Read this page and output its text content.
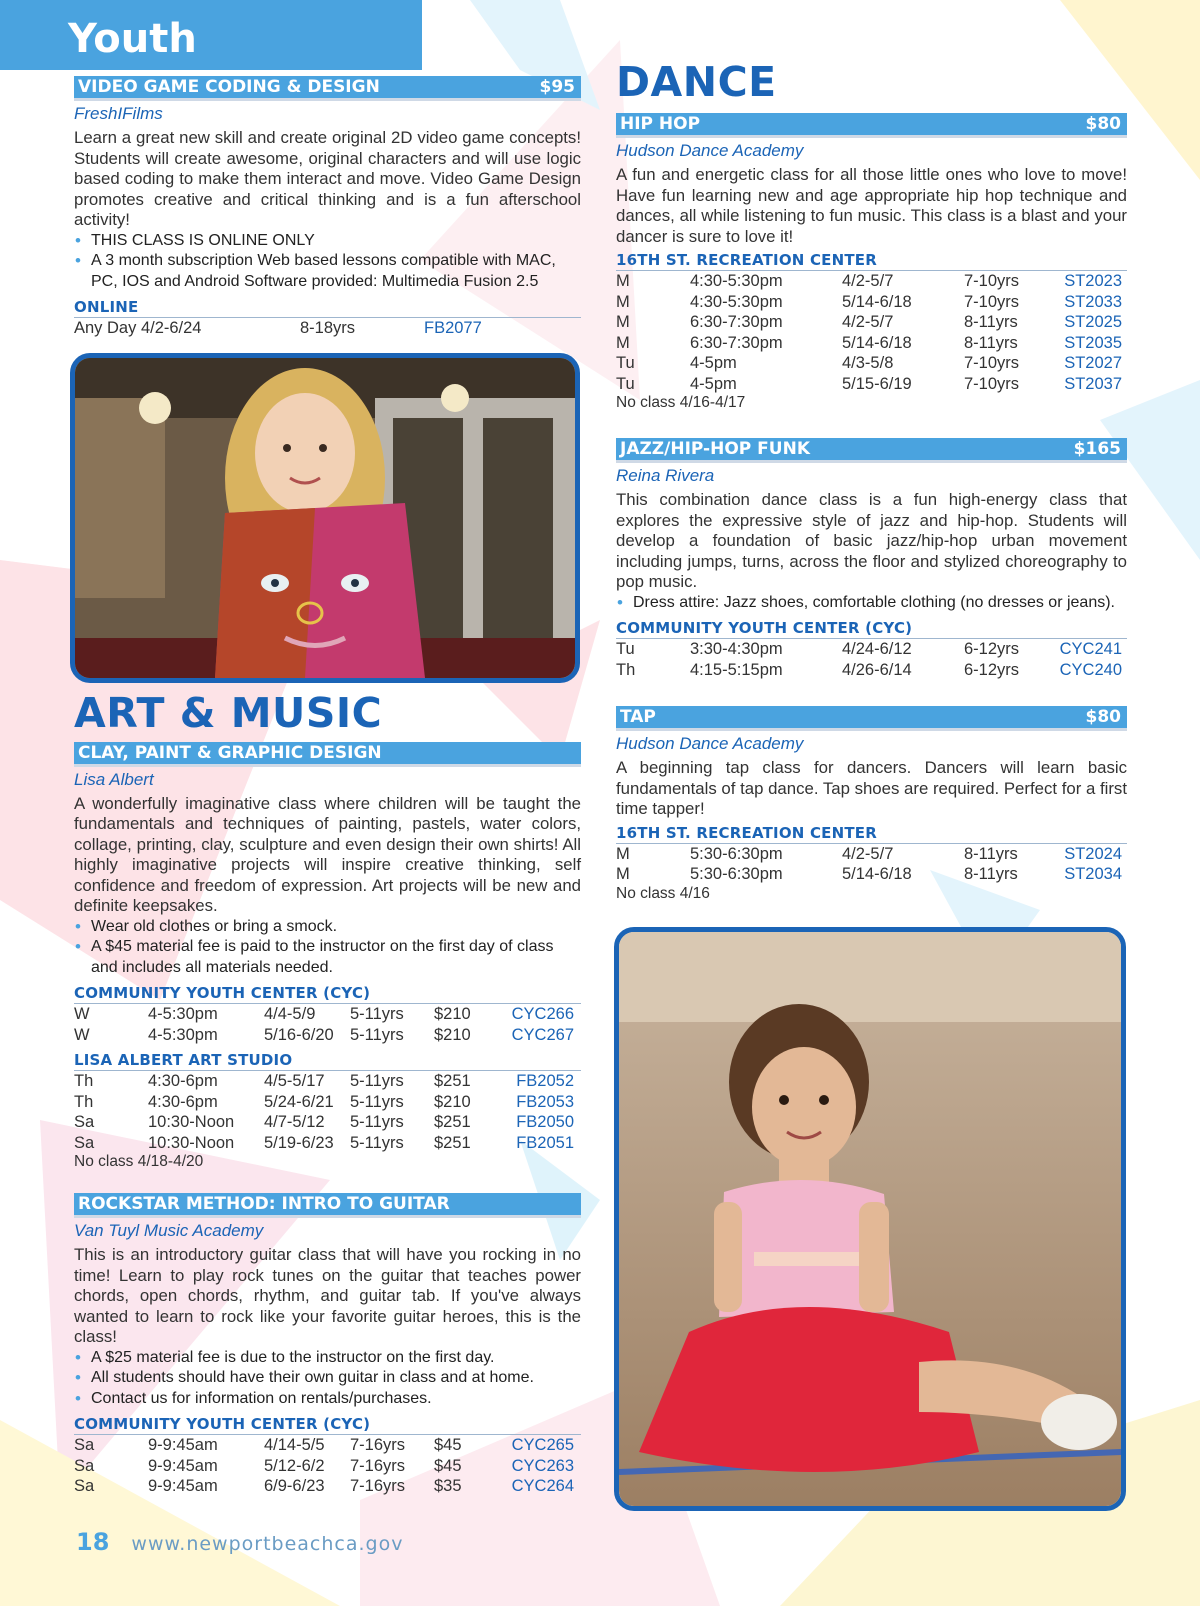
Youth
VIDEO GAME CODING & DESIGN	$95
FreshIFilms

Learn a great new skill and create original 2D video game concepts! Students will create awesome, original characters and will use logic based coding to make them interact and move. Video Game Design promotes creative and critical thinking and is a fun afterschool activity!

• THIS CLASS IS ONLINE ONLY
• A 3 month subscription Web based lessons compatible with MAC, PC, IOS and Android Software provided: Multimedia Fusion 2.5
ONLINE
Any Day 4/2-6/24	8-18yrs	FB2077
ART & MUSIC
CLAY, PAINT & GRAPHIC DESIGN
Lisa Albert

A wonderfully imaginative class where children will be taught the fundamentals and techniques of painting, pastels, water colors, collage, printing, clay, sculpture and even design their own shirts! All highly imaginative projects will inspire creative thinking, self confidence and freedom of expression. Art projects will be new and definite keepsakes.

• Wear old clothes or bring a smock.
• A $45 material fee is paid to the instructor on the first day of class and includes all materials needed.
COMMUNITY YOUTH CENTER (CYC)
W	4-5:30pm	4/4-5/9	5-11yrs	$210	CYC266
W	4-5:30pm	5/16-6/20 5-11yrs	$210	CYC267
LISA ALBERT ART STUDIO
Th	4:30-6pm	4/5-5/17	5-11yrs	$251	FB2052
Th	4:30-6pm	5/24-6/21 5-11yrs	$210	FB2053
Sa	10:30-Noon	4/7-5/12	5-11yrs	$251	FB2050
Sa	10:30-Noon	5/19-6/23 5-11yrs	$251	FB2051
No class 4/18-4/20
ROCKSTAR METHOD: INTRO TO GUITAR
Van Tuyl Music Academy

This is an introductory guitar class that will have you rocking in no time! Learn to play rock tunes on the guitar that teaches power chords, open chords, rhythm, and guitar tab. If you've always wanted to learn to rock like your favorite guitar heroes, this is the class!

• A $25 material fee is due to the instructor on the first day.
• All students should have their own guitar in class and at home.
• Contact us for information on rentals/purchases.
COMMUNITY YOUTH CENTER (CYC)
Sa	9-9:45am	4/14-5/5	7-16yrs	$45	CYC265
Sa	9-9:45am	5/12-6/2	7-16yrs	$45	CYC263
Sa	9-9:45am	6/9-6/23	7-16yrs	$35	CYC264
DANCE
HIP HOP	$80
Hudson Dance Academy

A fun and energetic class for all those little ones who love to move! Have fun learning new and age appropriate hip hop technique and dances, all while listening to fun music. This class is a blast and your dancer is sure to love it!

16TH ST. RECREATION CENTER
M	4:30-5:30pm	4/2-5/7	7-10yrs	ST2023
M	4:30-5:30pm	5/14-6/18	7-10yrs	ST2033
M	6:30-7:30pm	4/2-5/7	8-11yrs	ST2025
M	6:30-7:30pm	5/14-6/18	8-11yrs	ST2035
Tu	4-5pm	4/3-5/8	7-10yrs	ST2027
Tu	4-5pm	5/15-6/19	7-10yrs	ST2037
No class 4/16-4/17
JAZZ/HIP-HOP FUNK	$165
Reina Rivera

This combination dance class is a fun high-energy class that explores the expressive style of jazz and hip-hop. Students will develop a foundation of basic jazz/hip-hop urban movement including jumps, turns, across the floor and stylized choreography to pop music.

• Dress attire: Jazz shoes, comfortable clothing (no dresses or jeans).
COMMUNITY YOUTH CENTER (CYC)
Tu	3:30-4:30pm	4/24-6/12	6-12yrs	CYC241
Th	4:15-5:15pm	4/26-6/14	6-12yrs	CYC240
TAP	$80
Hudson Dance Academy

A beginning tap class for dancers. Dancers will learn basic fundamentals of tap dance. Tap shoes are required. Perfect for a first time tapper!

16TH ST. RECREATION CENTER
M	5:30-6:30pm	4/2-5/7	8-11yrs	ST2024
M	5:30-6:30pm	5/14-6/18	8-11yrs	ST2034
No class 4/16
18 www.newportbeachca.gov
